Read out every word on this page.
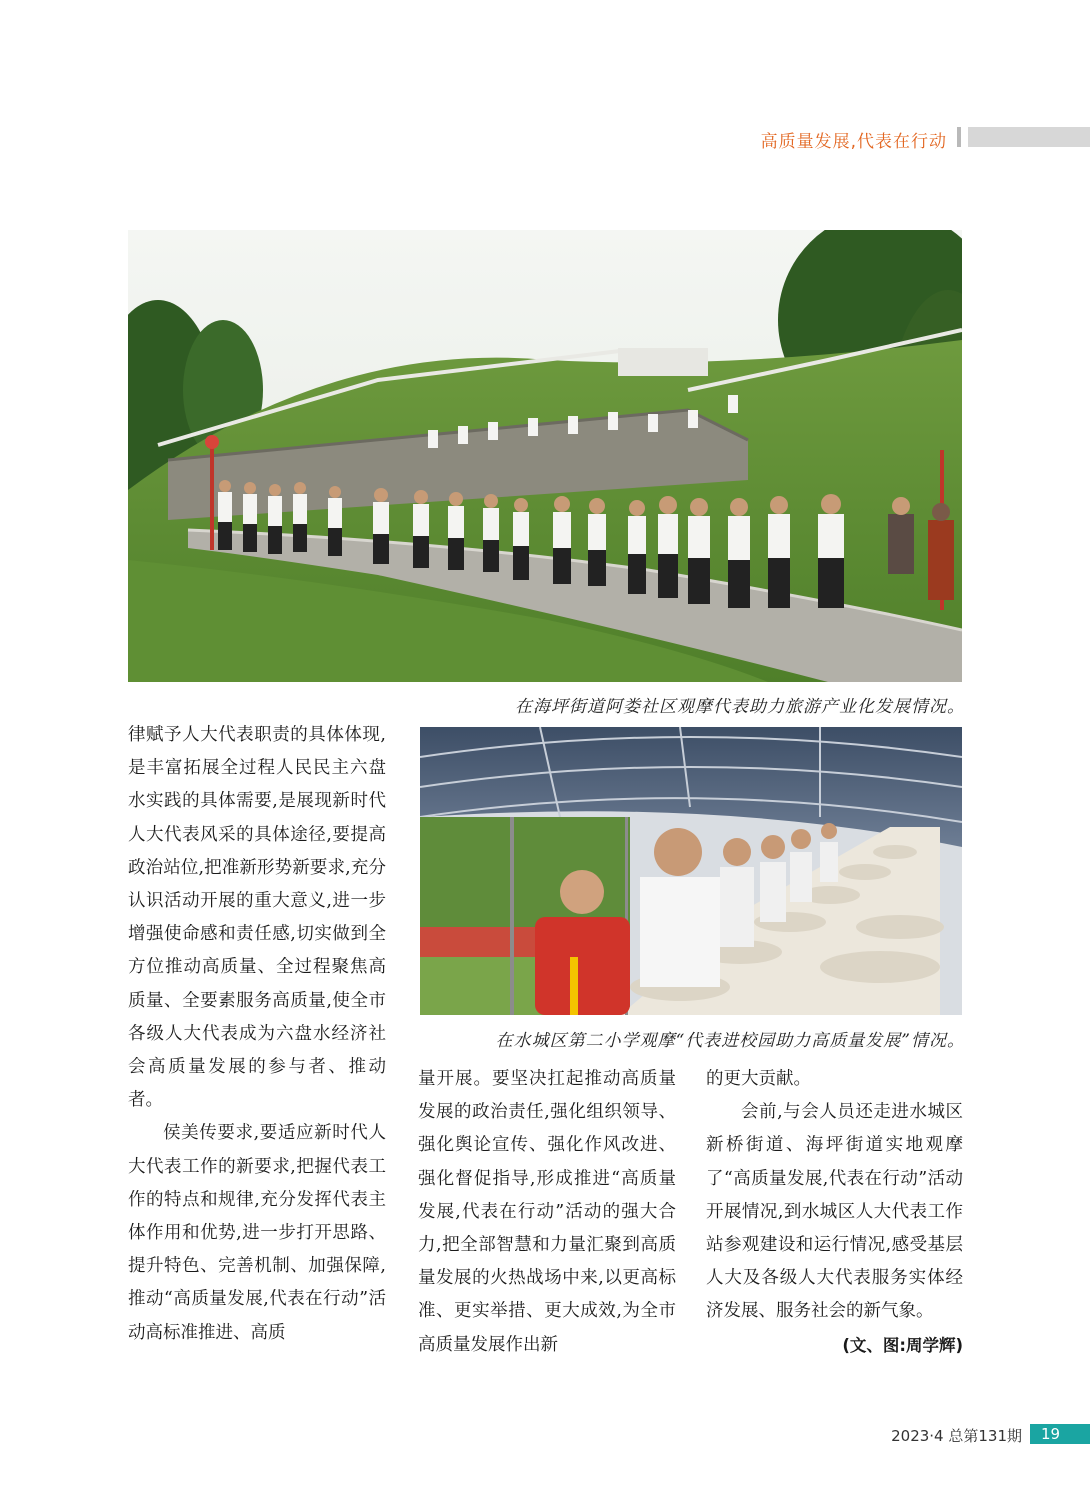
高质量发展,代表在行动
在海坪街道阿娄社区观摩代表助力旅游产业化发展情况。
在水城区第二小学观摩“代表进校园助力高质量发展”情况。

律赋予人大代表职责的具体体现,是丰富拓展全过程人民民主六盘水实践的具体需要,是展现新时代人大代表风采的具体途径,要提高政治站位,把准新形势新要求,充分认识活动开展的重大意义,进一步增强使命感和责任感,切实做到全方位推动高质量、全过程聚焦高质量、全要素服务高质量,使全市各级人大代表成为六盘水经济社会高质量发展的参与者、推动者。

侯美传要求,要适应新时代人大代表工作的新要求,把握代表工作的特点和规律,充分发挥代表主体作用和优势,进一步打开思路、提升特色、完善机制、加强保障,推动“高质量发展,代表在行动”活动高标准推进、高质

量开展。要坚决扛起推动高质量发展的政治责任,强化组织领导、强化舆论宣传、强化作风改进、强化督促指导,形成推进“高质量发展,代表在行动”活动的强大合力,把全部智慧和力量汇聚到高质量发展的火热战场中来,以更高标准、更实举措、更大成效,为全市高质量发展作出新

的更大贡献。

会前,与会人员还走进水城区新桥街道、海坪街道实地观摩了“高质量发展,代表在行动”活动开展情况,到水城区人大代表工作站参观建设和运行情况,感受基层人大及各级人大代表服务实体经济发展、服务社会的新气象。
(文、图:周学辉)

2023·4 总第131期	19
